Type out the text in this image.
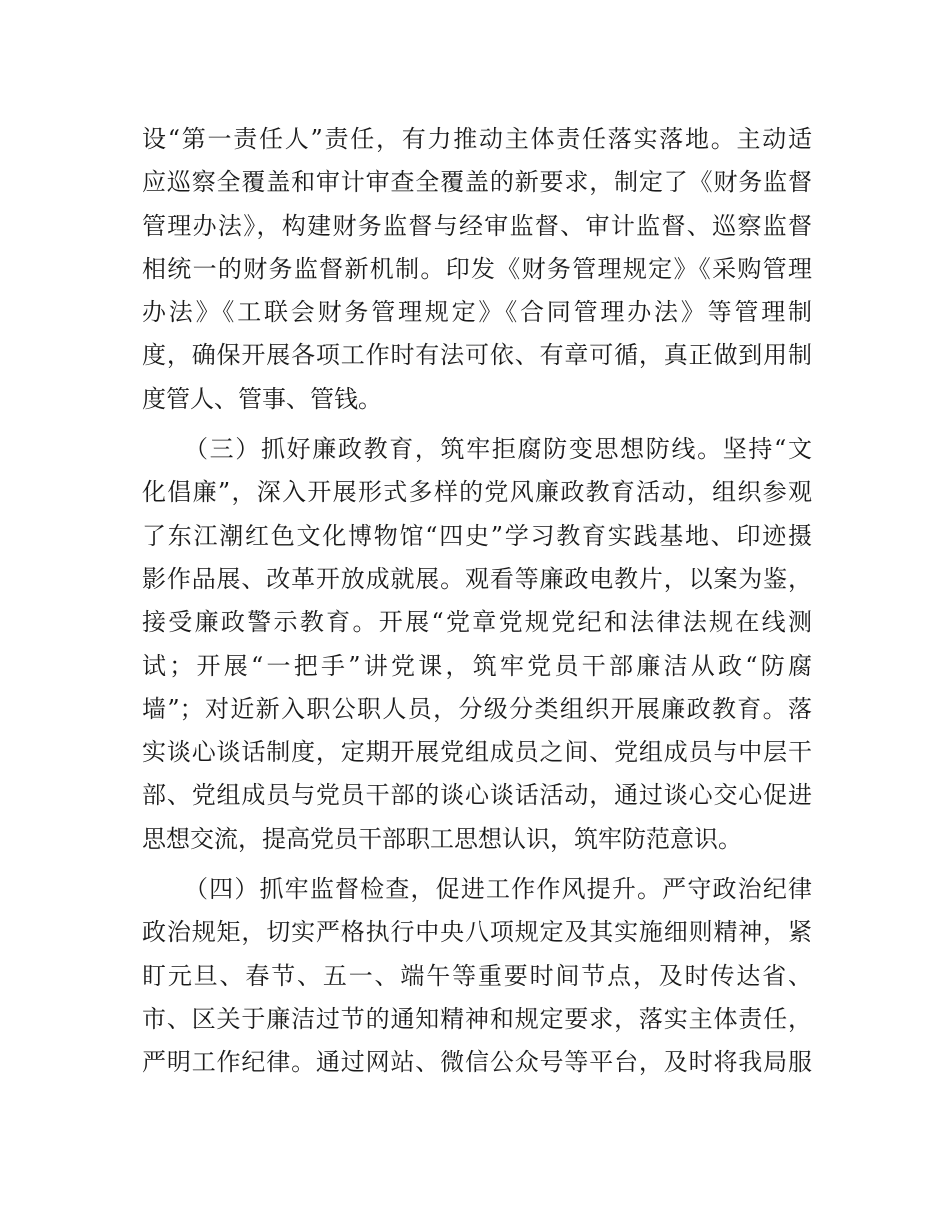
设“第一责任人”责任，有力推动主体责任落实落地。主动适
应巡察全覆盖和审计审查全覆盖的新要求，制定了《财务监督
管理办法》，构建财务监督与经审监督、审计监督、巡察监督
相统一的财务监督新机制。印发《财务管理规定》《采购管理
办法》《工联会财务管理规定》《合同管理办法》等管理制
度，确保开展各项工作时有法可依、有章可循，真正做到用制
度管人、管事、管钱。
（三）抓好廉政教育，筑牢拒腐防变思想防线。坚持“文
化倡廉”，深入开展形式多样的党风廉政教育活动，组织参观
了东江潮红色文化博物馆“四史”学习教育实践基地、印迹摄
影作品展、改革开放成就展。观看等廉政电教片，以案为鉴，
接受廉政警示教育。开展“党章党规党纪和法律法规在线测
试；开展“一把手”讲党课，筑牢党员干部廉洁从政“防腐
墙”；对近新入职公职人员，分级分类组织开展廉政教育。落
实谈心谈话制度，定期开展党组成员之间、党组成员与中层干
部、党组成员与党员干部的谈心谈话活动，通过谈心交心促进
思想交流，提高党员干部职工思想认识，筑牢防范意识。
（四）抓牢监督检查，促进工作作风提升。严守政治纪律
政治规矩，切实严格执行中央八项规定及其实施细则精神，紧
盯元旦、春节、五一、端午等重要时间节点，及时传达省、
市、区关于廉洁过节的通知精神和规定要求，落实主体责任，
严明工作纪律。通过网站、微信公众号等平台，及时将我局服
